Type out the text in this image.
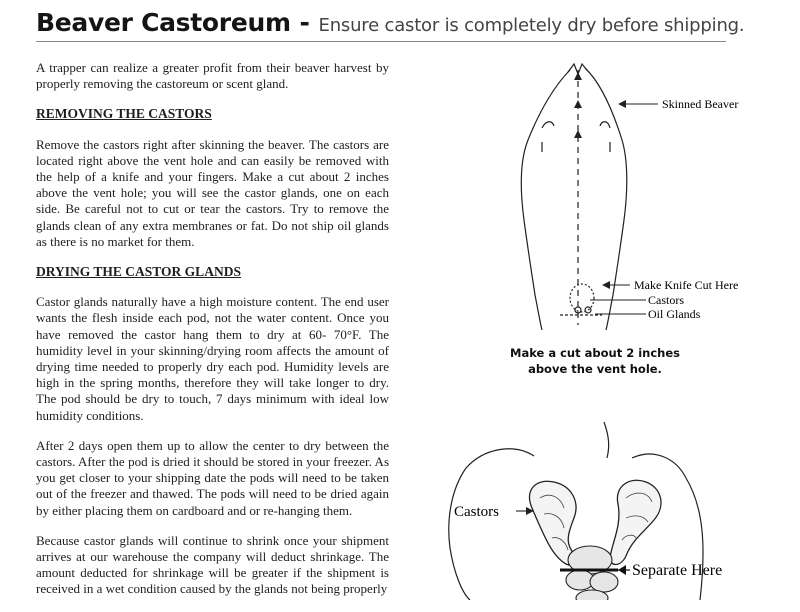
Beaver Castoreum - Ensure castor is completely dry before shipping.

A trapper can realize a greater profit from their beaver harvest by properly removing the castoreum or scent gland.

REMOVING THE CASTORS

Remove the castors right after skinning the beaver. The castors are located right above the vent hole and can easily be removed with the help of a knife and your fingers. Make a cut about 2 inches above the vent hole; you will see the castor glands, one on each side. Be careful not to cut or tear the castors. Try to remove the glands clean of any extra membranes or fat. Do not ship oil glands as there is no market for them.

DRYING THE CASTOR GLANDS

Castor glands naturally have a high moisture content. The end user wants the flesh inside each pod, not the water content. Once you have removed the castor hang them to dry at 60- 70°F. The humidity level in your skinning/drying room affects the amount of drying time needed to properly dry each pod. Humidity levels are high in the spring months, therefore they will take longer to dry. The pod should be dry to touch, 7 days minimum with ideal low humidity conditions.

After 2 days open them up to allow the center to dry between the castors. After the pod is dried it should be stored in your freezer. As you get closer to your shipping date the pods will need to be taken out of the freezer and thawed. The pods will need to be dried again by either placing them on cardboard and or re-hanging them.

Because castor glands will continue to shrink once your shipment arrives at our warehouse the company will deduct shrinkage. The amount deducted for shrinkage will be greater if the shipment is received in a wet condition caused by the glands not being properly

Skinned Beaver
Make Knife Cut Here
Castors
Oil Glands
Make a cut about 2 inches
above the vent hole.
Castors
Separate Here
